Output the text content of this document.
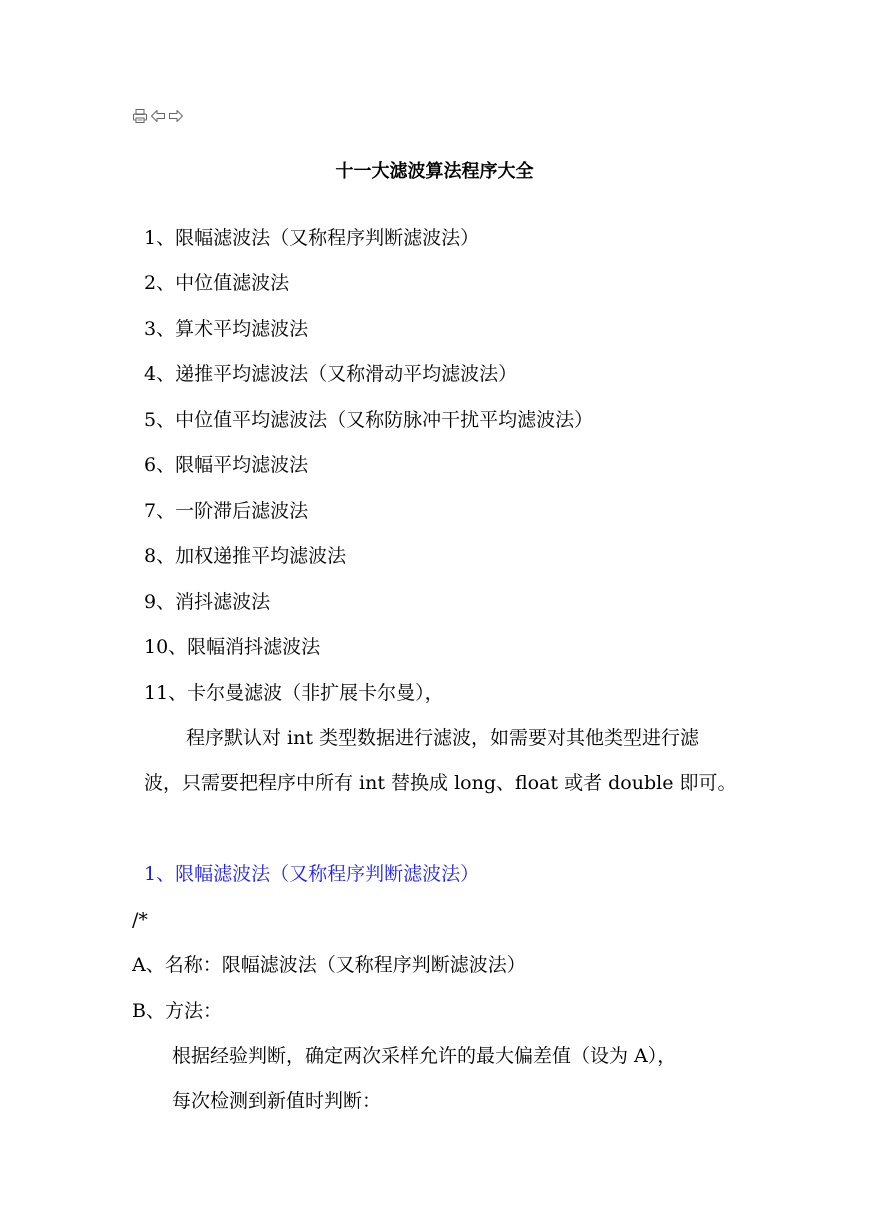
十一大滤波算法程序大全

1、限幅滤波法（又称程序判断滤波法）

2、中位值滤波法

3、算术平均滤波法

4、递推平均滤波法（又称滑动平均滤波法）

5、中位值平均滤波法（又称防脉冲干扰平均滤波法）

6、限幅平均滤波法

7、一阶滞后滤波法

8、加权递推平均滤波法

9、消抖滤波法

10、限幅消抖滤波法

11、卡尔曼滤波（非扩展卡尔曼），

程序默认对 int 类型数据进行滤波，如需要对其他类型进行滤

波，只需要把程序中所有 int 替换成 long、float 或者 double 即可。

1、限幅滤波法（又称程序判断滤波法）

/*

A、名称：限幅滤波法（又称程序判断滤波法）

B、方法：

根据经验判断，确定两次采样允许的最大偏差值（设为 A），

每次检测到新值时判断：
